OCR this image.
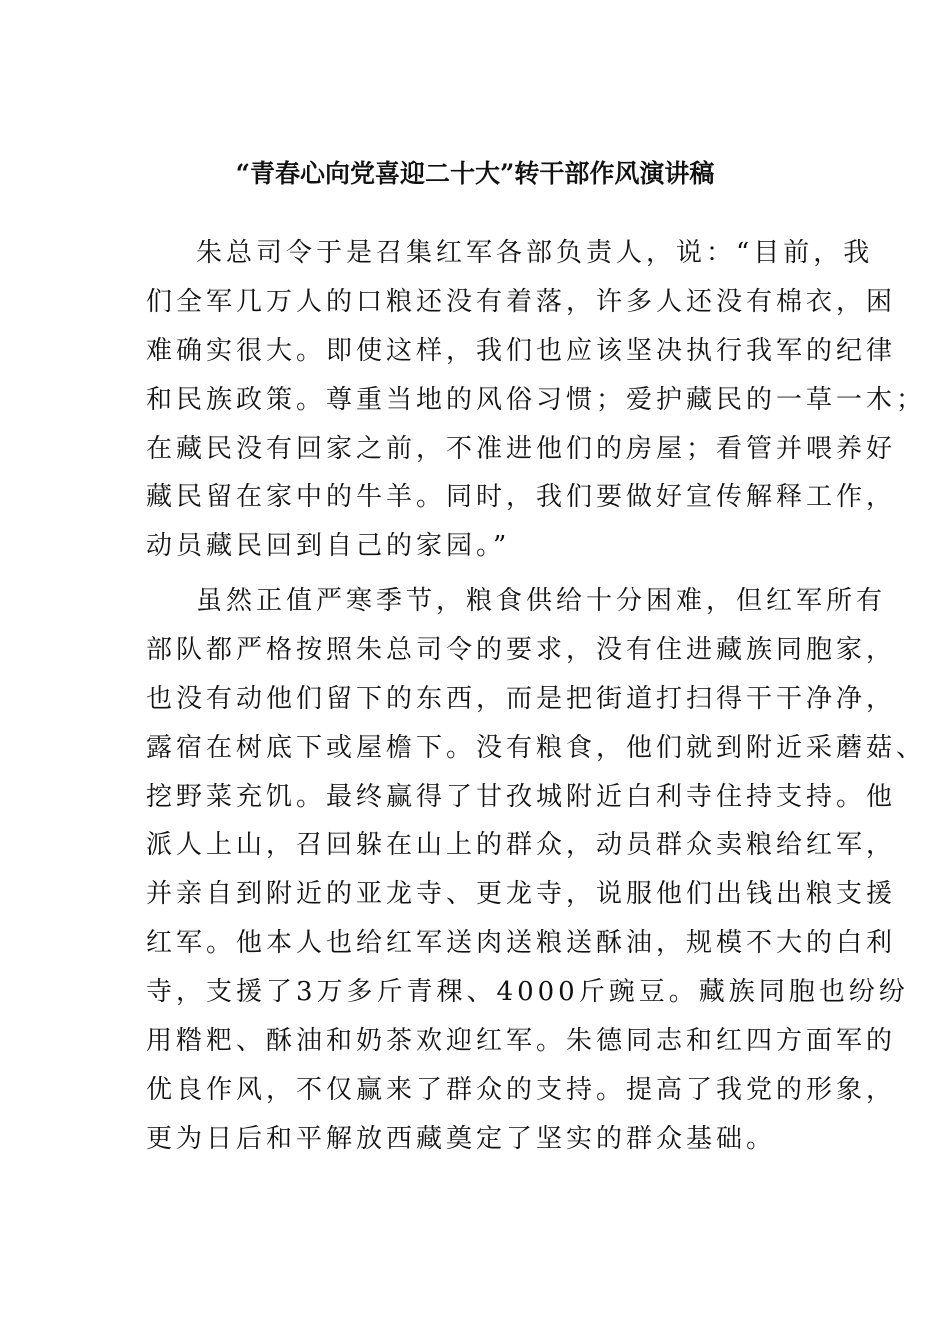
“青春心向党喜迎二十大”转干部作风演讲稿
朱总司令于是召集红军各部负责人，说：“目前，我
们全军几万人的口粮还没有着落，许多人还没有棉衣，困
难确实很大。即使这样，我们也应该坚决执行我军的纪律
和民族政策。尊重当地的风俗习惯；爱护藏民的一草一木；
在藏民没有回家之前，不准进他们的房屋；看管并喂养好
藏民留在家中的牛羊。同时，我们要做好宣传解释工作，
动员藏民回到自己的家园。”
虽然正值严寒季节，粮食供给十分困难，但红军所有
部队都严格按照朱总司令的要求，没有住进藏族同胞家，
也没有动他们留下的东西，而是把街道打扫得干干净净，
露宿在树底下或屋檐下。没有粮食，他们就到附近采蘑菇、
挖野菜充饥。最终赢得了甘孜城附近白利寺住持支持。他
派人上山，召回躲在山上的群众，动员群众卖粮给红军，
并亲自到附近的亚龙寺、更龙寺，说服他们出钱出粮支援
红军。他本人也给红军送肉送粮送酥油，规模不大的白利
寺，支援了3万多斤青稞、4000斤豌豆。藏族同胞也纷纷
用糌粑、酥油和奶茶欢迎红军。朱德同志和红四方面军的
优良作风，不仅赢来了群众的支持。提高了我党的形象，
更为日后和平解放西藏奠定了坚实的群众基础。
